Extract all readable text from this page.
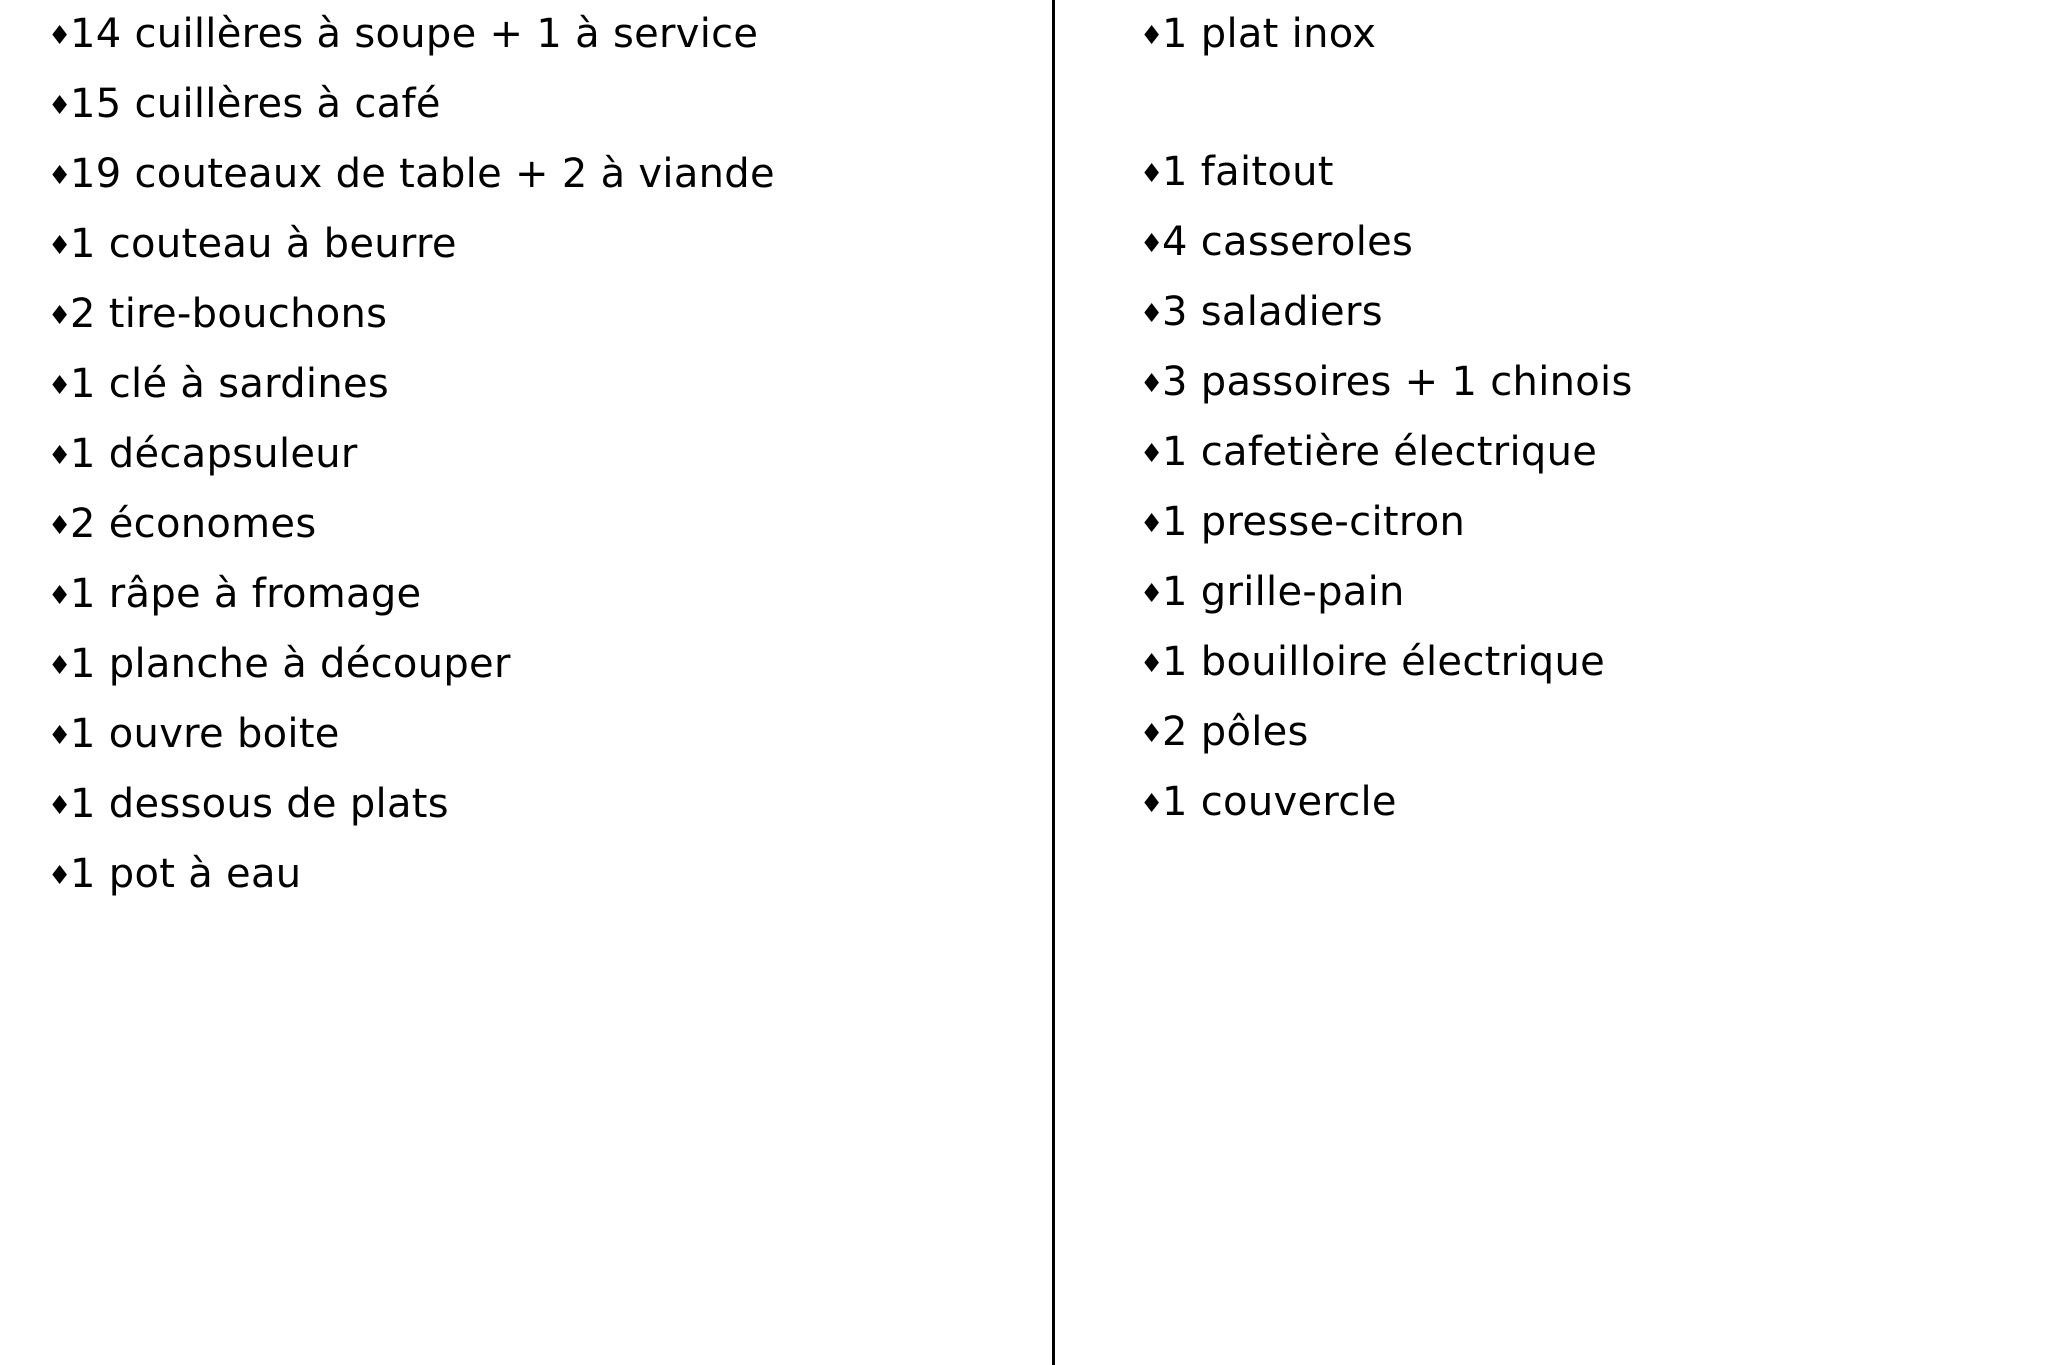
♦14 cuillères à soupe + 1 à service
♦15 cuillères à café
♦19 couteaux de table + 2 à viande
♦1 couteau à beurre
♦2 tire-bouchons
♦1 clé à sardines
♦1 décapsuleur
♦2 économes
♦1 râpe à fromage
♦1 planche à découper
♦1 ouvre boite
♦1 dessous de plats
♦1 pot à eau
♦1 plat inox
♦1 faitout
♦4 casseroles
♦3 saladiers
♦3 passoires + 1 chinois
♦1 cafetière électrique
♦1 presse-citron
♦1 grille-pain
♦1 bouilloire électrique
♦2 pôles
♦1 couvercle
